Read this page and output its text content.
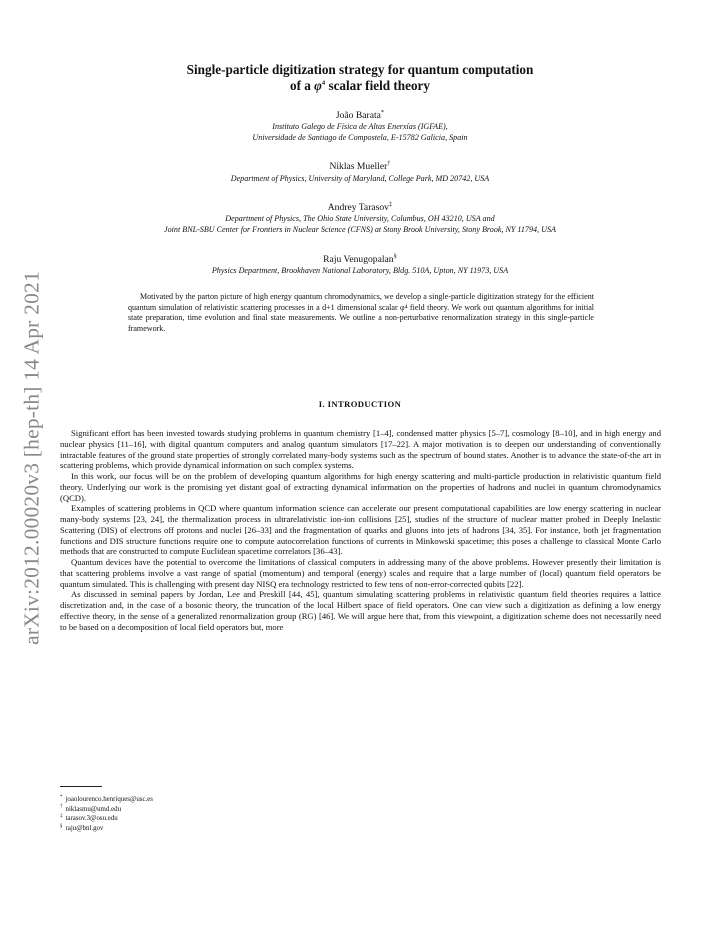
arXiv:2012.00020v3 [hep-th] 14 Apr 2021
Single-particle digitization strategy for quantum computation
of a $\varphi^4$ scalar field theory
João Barata*
Instituto Galego de Física de Altas Enerxías (IGFAE),
Universidade de Santiago de Compostela, E-15782 Galicia, Spain
Niklas Mueller†
Department of Physics, University of Maryland, College Park, MD 20742, USA
Andrey Tarasov‡
Department of Physics, The Ohio State University, Columbus, OH 43210, USA and
Joint BNL-SBU Center for Frontiers in Nuclear Science (CFNS) at Stony Brook University, Stony Brook, NY 11794, USA
Raju Venugopalan§
Physics Department, Brookhaven National Laboratory, Bldg. 510A, Upton, NY 11973, USA

Motivated by the parton picture of high energy quantum chromodynamics, we develop a single-particle digitization strategy for the efficient quantum simulation of relativistic scattering processes in a d+1 dimensional scalar φ⁴ field theory. We work out quantum algorithms for initial state preparation, time evolution and final state measurements. We outline a non-perturbative renormalization strategy in this single-particle framework.

I. INTRODUCTION

Significant effort has been invested towards studying problems in quantum chemistry [1–4], condensed matter physics [5–7], cosmology [8–10], and in high energy and nuclear physics [11–16], with digital quantum computers and analog quantum simulators [17–22]. A major motivation is to deepen our understanding of conventionally intractable features of the ground state properties of strongly correlated many-body systems such as the spectrum of bound states. Another is to advance the state-of-the art in scattering problems, which provide dynamical information on such complex systems.

In this work, our focus will be on the problem of developing quantum algorithms for high energy scattering and multi-particle production in relativistic quantum field theory. Underlying our work is the promising yet distant goal of extracting dynamical information on the properties of hadrons and nuclei in quantum chromodynamics (QCD).

Examples of scattering problems in QCD where quantum information science can accelerate our present computational capabilities are low energy scattering in nuclear many-body systems [23, 24], the thermalization process in ultrarelativistic ion-ion collisions [25], studies of the structure of nuclear matter probed in Deeply Inelastic Scattering (DIS) of electrons off protons and nuclei [26–33] and the fragmentation of quarks and gluons into jets of hadrons [34, 35]. For instance, both jet fragmentation functions and DIS structure functions require one to compute autocorrelation functions of currents in Minkowski spacetime; this poses a challenge to classical Monte Carlo methods that are constructed to compute Euclidean spacetime correlators [36–43].

Quantum devices have the potential to overcome the limitations of classical computers in addressing many of the above problems. However presently their limitation is that scattering problems involve a vast range of spatial (momentum) and temporal (energy) scales and require that a large number of (local) quantum field operators be quantum simulated. This is challenging with present day NISQ era technology restricted to few tens of non-error-corrected qubits [22].

As discussed in seminal papers by Jordan, Lee and Preskill [44, 45], quantum simulating scattering problems in relativistic quantum field theories requires a lattice discretization and, in the case of a bosonic theory, the truncation of the local Hilbert space of field operators. One can view such a digitization as defining a low energy effective theory, in the sense of a generalized renormalization group (RG) [46]. We will argue here that, from this viewpoint, a digitization scheme does not necessarily need to be based on a decomposition of local field operators but, more

* joaolourenco.henriques@usc.es
† niklasmu@umd.edu
‡ tarasov.3@osu.edu
§ raju@bnl.gov
